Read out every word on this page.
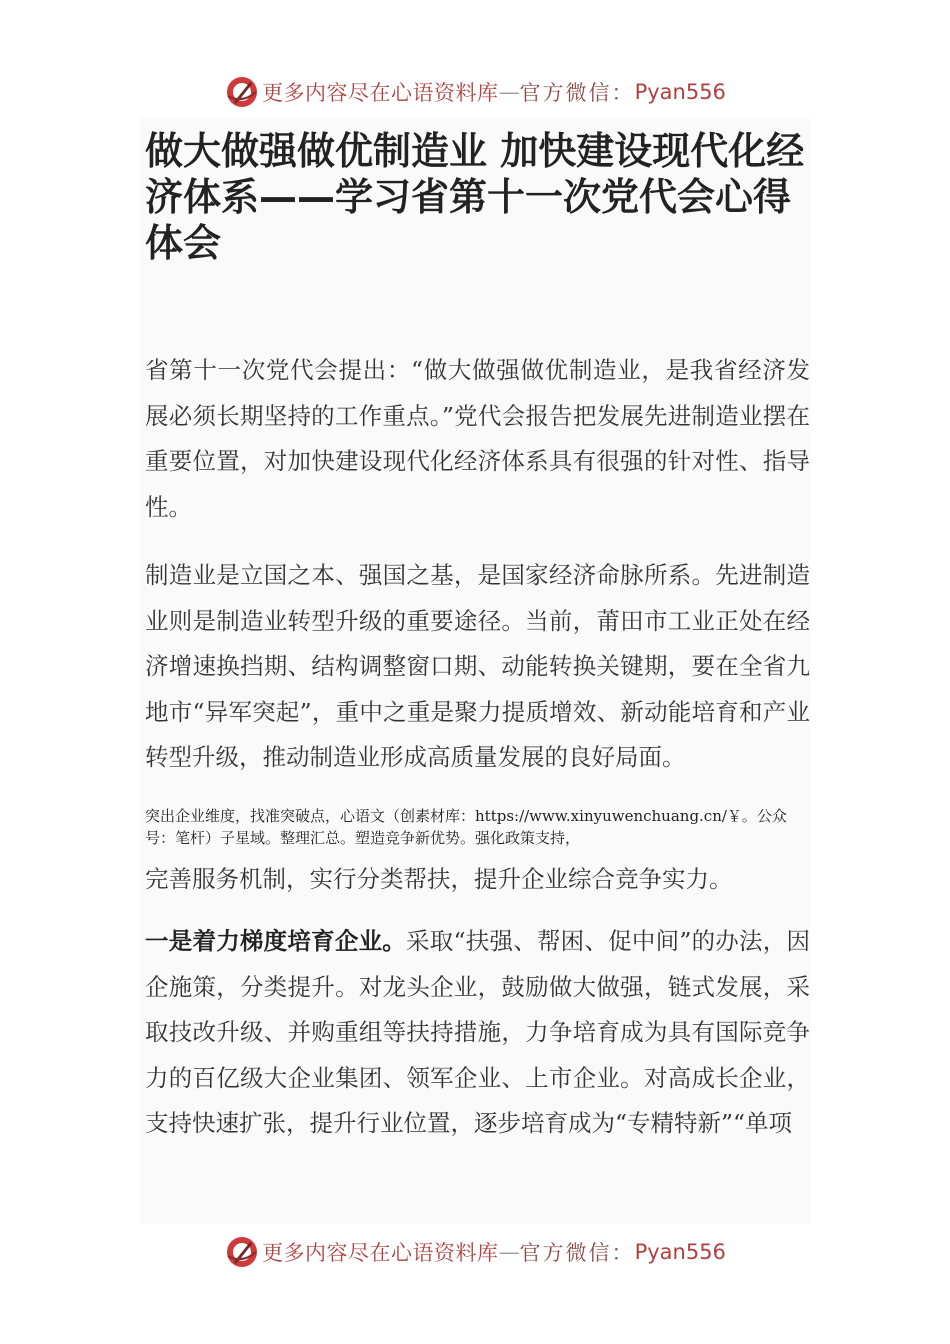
更多内容尽在心语资料库 — 官方微信： Pyan556
做大做强做优制造业 加快建设现代化经济体系——学习省第十一次党代会心得体会

省第十一次党代会提出：“做大做强做优制造业，是我省经济发展必须长期坚持的工作重点。”党代会报告把发展先进制造业摆在重要位置，对加快建设现代化经济体系具有很强的针对性、指导性。

制造业是立国之本、强国之基，是国家经济命脉所系。先进制造业则是制造业转型升级的重要途径。当前，莆田市工业正处在经济增速换挡期、结构调整窗口期、动能转换关键期，要在全省九地市“异军突起”，重中之重是聚力提质增效、新动能培育和产业转型升级，推动制造业形成高质量发展的良好局面。

突出企业维度，找准突破点，心语文（创素材库：https://www.xinyuwenchuang.cn/￥。公众号：笔杆）子星域。整理汇总。塑造竞争新优势。强化政策支持，

完善服务机制，实行分类帮扶，提升企业综合竞争实力。

一是着力梯度培育企业。采取“扶强、帮困、促中间”的办法，因企施策，分类提升。对龙头企业，鼓励做大做强，链式发展，采取技改升级、并购重组等扶持措施，力争培育成为具有国际竞争力的百亿级大企业集团、领军企业、上市企业。对高成长企业，支持快速扩张，提升行业位置，逐步培育成为“专精特新”“单项

更多内容尽在心语资料库 — 官方微信： Pyan556
